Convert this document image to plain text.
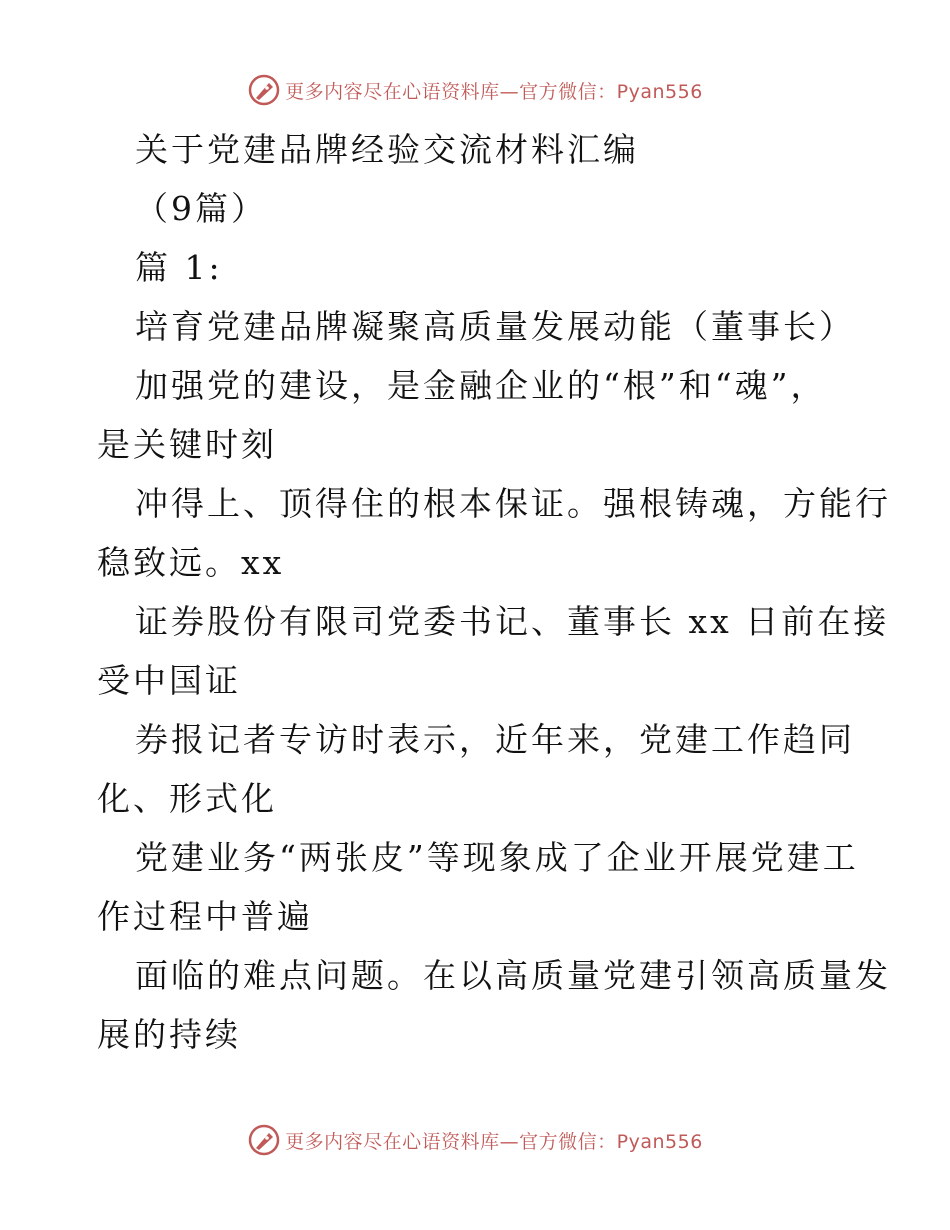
更多内容尽在心语资料库—官方微信：Pyan556
关于党建品牌经验交流材料汇编
（9篇）
篇 1:
培育党建品牌凝聚高质量发展动能（董事长）
加强党的建设，是金融企业的“根”和“魂”，
是关键时刻
冲得上、顶得住的根本保证。强根铸魂，方能行
稳致远。xx
证券股份有限司党委书记、董事长 xx 日前在接
受中国证
券报记者专访时表示，近年来，党建工作趋同
化、形式化
党建业务“两张皮”等现象成了企业开展党建工
作过程中普遍
面临的难点问题。在以高质量党建引领高质量发
展的持续
更多内容尽在心语资料库—官方微信：Pyan556
